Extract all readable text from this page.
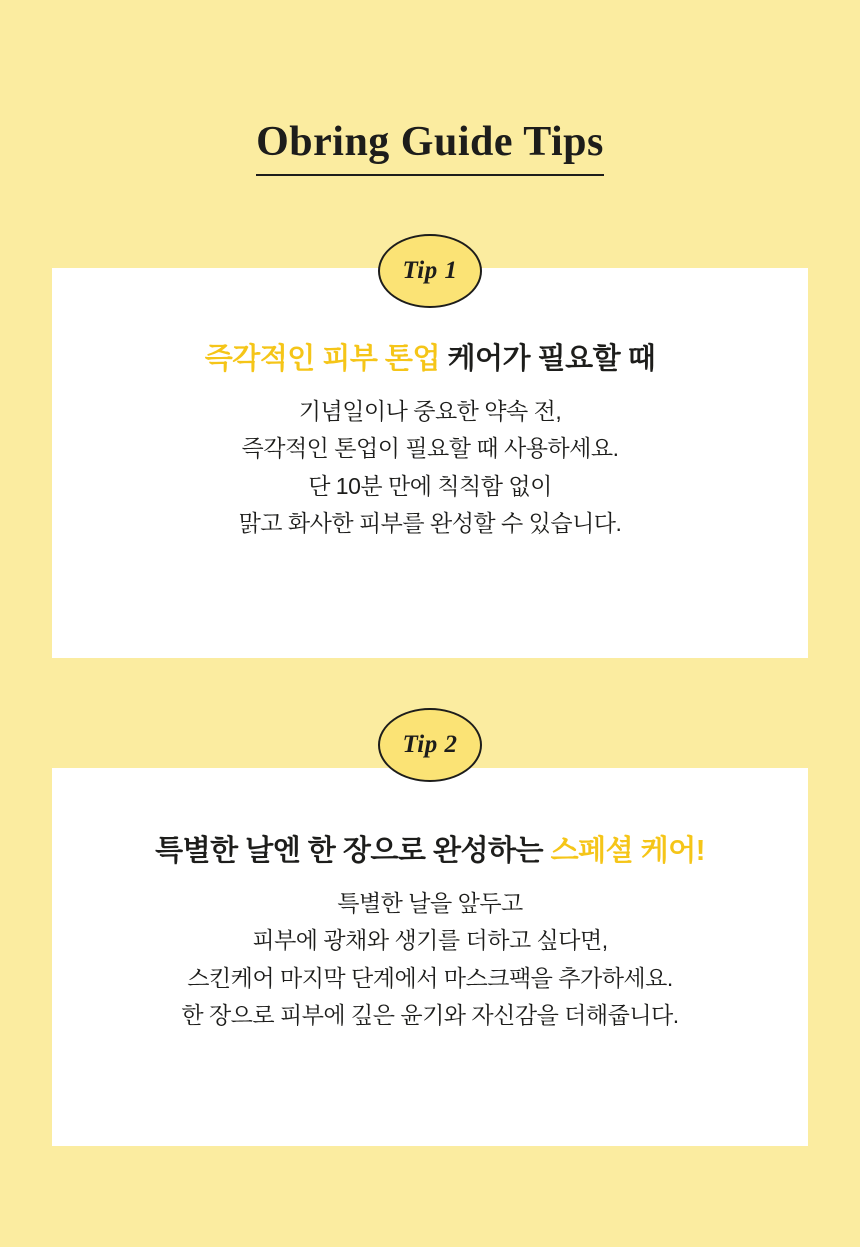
Obring Guide Tips
즉각적인 피부 톤업 케어가 필요할 때

기념일이나 중요한 약속 전,
즉각적인 톤업이 필요할 때 사용하세요.
단 10분 만에 칙칙함 없이
맑고 화사한 피부를 완성할 수 있습니다.

Tip 1
특별한 날엔 한 장으로 완성하는 스페셜 케어!

특별한 날을 앞두고
피부에 광채와 생기를 더하고 싶다면,
스킨케어 마지막 단계에서 마스크팩을 추가하세요.
한 장으로 피부에 깊은 윤기와 자신감을 더해줍니다.

Tip 2
